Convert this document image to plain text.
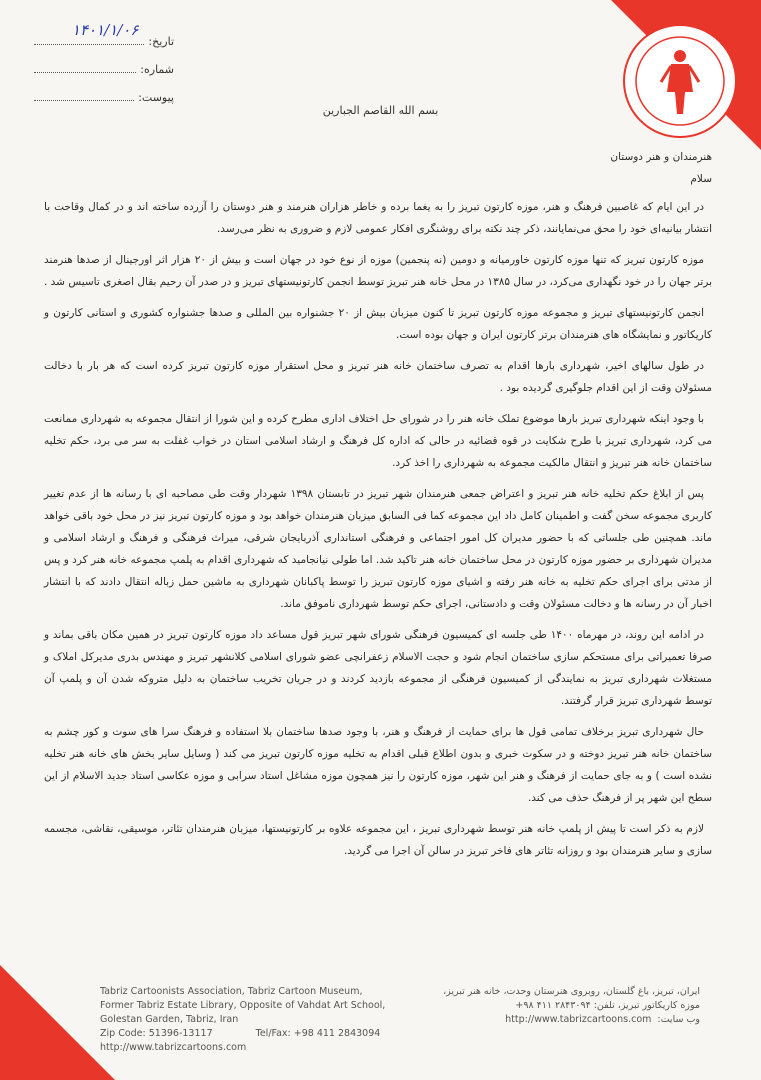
تاریخ:
۱۴۰۱/۱/۰۶
شماره:
پیوست:
بسم الله القاصم الجبارین

هنرمندان و هنر دوستان

سلام

در این ایام که غاصبین فرهنگ و هنر، موزه کارتون تبریز را به یغما برده و خاطر هزاران هنرمند و هنر دوستان را آزرده ساخته اند و در کمال وقاحت با انتشار بیانیه‌ای خود را محق می‌نمایانند، ذکر چند نکته برای روشنگری افکار عمومی لازم و ضروری به نظر می‌رسد.

موزه کارتون تبریز که تنها موزه کارتون خاورمیانه و دومین (نه پنجمین) موزه از نوع خود در جهان است و بیش از ۲۰ هزار اثر اورجینال از صدها هنرمند برتر جهان را در خود نگهداری می‌کرد، در سال ۱۳۸۵ در محل خانه هنر تبریز توسط انجمن کارتونیستهای تبریز و در صدر آن رحیم بقال اصغری تاسیس شد .

انجمن کارتونیستهای تبریز و مجموعه موزه کارتون تبریز تا کنون میزبان بیش از ۲۰ جشنواره بین المللی و صدها جشنواره کشوری و استانی کارتون و کاریکاتور و نمایشگاه های هنرمندان برتر کارتون ایران و جهان بوده است.

در طول سالهای اخیر، شهرداری بارها اقدام به تصرف ساختمان خانه هنر تبریز و محل استقرار موزه کارتون تبریز کرده است که هر بار با دخالت مسئولان وقت از این اقدام جلوگیری گردیده بود .

با وجود اینکه شهرداری تبریز بارها موضوع تملک خانه هنر را در شورای حل اختلاف اداری مطرح کرده و این شورا از انتقال مجموعه به شهرداری ممانعت می کرد، شهرداری تبریز با طرح شکایت در قوه قضائیه در حالی که اداره کل فرهنگ و ارشاد اسلامی استان در خواب غفلت به سر می برد، حکم تخلیه ساختمان خانه هنر تبریز و انتقال مالکیت مجموعه به شهرداری را اخذ کرد.

پس از ابلاغ حکم تخلیه خانه هنر تبریز و اعتراض جمعی هنرمندان شهر تبریز در تابستان ۱۳۹۸ شهردار وقت طی مصاحبه ای با رسانه ها از عدم تغییر کاربری مجموعه سخن گفت و اطمینان کامل داد این مجموعه کما فی السابق میزبان هنرمندان خواهد بود و موزه کارتون تبریز نیز در محل خود باقی خواهد ماند. همچنین طی جلساتی که با حضور مدیران کل امور اجتماعی و فرهنگی استانداری آذربایجان شرقی، میراث فرهنگی و فرهنگ و ارشاد اسلامی و مدیران شهرداری بر حضور موزه کارتون در محل ساختمان خانه هنر تاکید شد. اما طولی نیانجامید که شهرداری اقدام به پلمپ مجموعه خانه هنر کرد و پس از مدتی برای اجرای حکم تخلیه به خانه هنر رفته و اشیای موزه کارتون تبریز را توسط پاکبانان شهرداری به ماشین حمل زباله انتقال دادند که با انتشار اخبار آن در رسانه ها و دخالت مسئولان وقت و دادستانی، اجرای حکم توسط شهرداری ناموفق ماند.

در ادامه این روند، در مهرماه ۱۴۰۰ طی جلسه ای کمیسیون فرهنگی شورای شهر تبریز قول مساعد داد موزه کارتون تبریز در همین مکان باقی بماند و صرفا تعمیراتی برای مستحکم سازی ساختمان انجام شود و حجت الاسلام زعفرانچی عضو شورای اسلامی کلانشهر تبریز و مهندس بدری مدیرکل املاک و مستغلات شهرداری تبریز به نمایندگی از کمیسیون فرهنگی از مجموعه بازدید کردند و در جریان تخریب ساختمان به دلیل متروکه شدن آن و پلمپ آن توسط شهرداری تبریز قرار گرفتند.

حال شهرداری تبریز برخلاف تمامی قول ها برای حمایت از فرهنگ و هنر، با وجود صدها ساختمان بلا استفاده و فرهنگ سرا های سوت و کور چشم به ساختمان خانه هنر تبریز دوخته و در سکوت خبری و بدون اطلاع قبلی اقدام به تخلیه موزه کارتون تبریز می کند ( وسایل سایر بخش های خانه هنر تخلیه نشده است ) و به جای حمایت از فرهنگ و هنر این شهر، موزه کارتون را نیز همچون موزه مشاغل استاد سرابی و موزه عکاسی استاد جدید الاسلام از این سطح این شهر پر از فرهنگ حذف می کند.

لازم به ذکر است تا پیش از پلمپ خانه هنر توسط شهرداری تبریز ، این مجموعه علاوه بر کارتونیستها، میزبان هنرمندان تئاتر، موسیقی، نقاشی، مجسمه سازی و سایر هنرمندان بود و روزانه تئاتر های فاخر تبریز در سالن آن اجرا می گردید.

Tabriz Cartoonists Association, Tabriz Cartoon Museum,
Former Tabriz Estate Library, Opposite of Vahdat Art School,
Golestan Garden, Tabriz, Iran
Zip Code: 51396-13117	Tel/Fax: +98 411 2843094
http://www.tabrizcartoons.com
ایران، تبریز، باغ گلستان، روبروی هنرستان وحدت، خانه هنر تبریز،
موزه کاریکاتور تبریز، تلفن: ۲۸۴۳۰۹۴ ۴۱۱ ۹۸+
وب سایت:
http://www.tabrizcartoons.com
